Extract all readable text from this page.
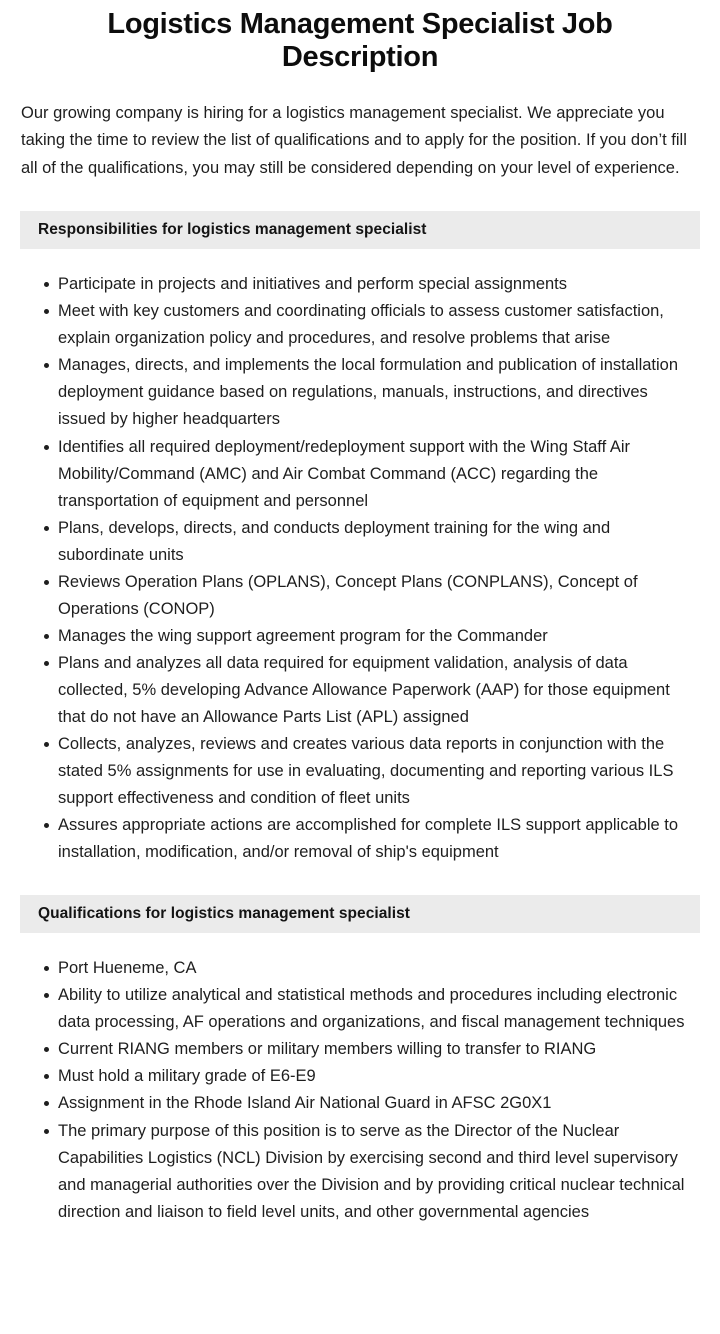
Logistics Management Specialist Job Description

Our growing company is hiring for a logistics management specialist. We appreciate you taking the time to review the list of qualifications and to apply for the position. If you don’t fill all of the qualifications, you may still be considered depending on your level of experience.

Responsibilities for logistics management specialist
Participate in projects and initiatives and perform special assignments
Meet with key customers and coordinating officials to assess customer satisfaction, explain organization policy and procedures, and resolve problems that arise
Manages, directs, and implements the local formulation and publication of installation deployment guidance based on regulations, manuals, instructions, and directives issued by higher headquarters
Identifies all required deployment/redeployment support with the Wing Staff Air Mobility/Command (AMC) and Air Combat Command (ACC) regarding the transportation of equipment and personnel
Plans, develops, directs, and conducts deployment training for the wing and subordinate units
Reviews Operation Plans (OPLANS), Concept Plans (CONPLANS), Concept of Operations (CONOP)
Manages the wing support agreement program for the Commander
Plans and analyzes all data required for equipment validation, analysis of data collected, 5% developing Advance Allowance Paperwork (AAP) for those equipment that do not have an Allowance Parts List (APL) assigned
Collects, analyzes, reviews and creates various data reports in conjunction with the stated 5% assignments for use in evaluating, documenting and reporting various ILS support effectiveness and condition of fleet units
Assures appropriate actions are accomplished for complete ILS support applicable to installation, modification, and/or removal of ship's equipment
Qualifications for logistics management specialist
Port Hueneme, CA
Ability to utilize analytical and statistical methods and procedures including electronic data processing, AF operations and organizations, and fiscal management techniques
Current RIANG members or military members willing to transfer to RIANG
Must hold a military grade of E6-E9
Assignment in the Rhode Island Air National Guard in AFSC 2G0X1
The primary purpose of this position is to serve as the Director of the Nuclear Capabilities Logistics (NCL) Division by exercising second and third level supervisory and managerial authorities over the Division and by providing critical nuclear technical direction and liaison to field level units, and other governmental agencies
